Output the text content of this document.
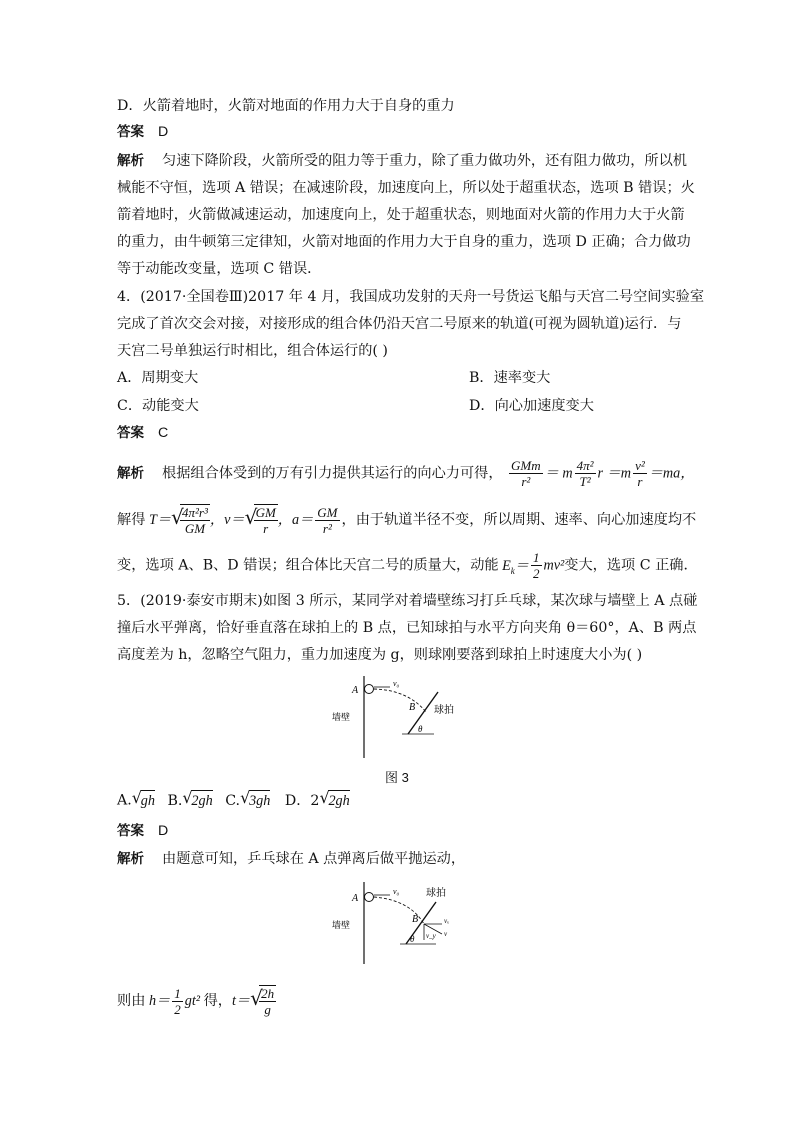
D．火箭着地时，火箭对地面的作用力大于自身的重力
答案 D
解析 匀速下降阶段，火箭所受的阻力等于重力，除了重力做功外，还有阻力做功，所以机
械能不守恒，选项 A 错误；在减速阶段，加速度向上，所以处于超重状态，选项 B 错误；火
箭着地时，火箭做减速运动，加速度向上，处于超重状态，则地面对火箭的作用力大于火箭
的重力，由牛顿第三定律知，火箭对地面的作用力大于自身的重力，选项 D 正确；合力做功
等于动能改变量，选项 C 错误．
4．(2017·全国卷Ⅲ)2017 年 4 月，我国成功发射的天舟一号货运飞船与天宫二号空间实验室
完成了首次交会对接，对接形成的组合体仍沿天宫二号原来的轨道(可视为圆轨道)运行．与
天宫二号单独运行时相比，组合体运行的( )
A．周期变大	B．速率变大
C．动能变大	D．向心加速度变大
答案 C
解析 根据组合体受到的万有引力提供其运行的向心力可得， $\frac{\text{GMm}}{\text{r²}} = m \frac{\text{4π²}}{\text{T²}}$ $r =m \frac{\text{v²}}{r} =ma$，
解得 T＝ √
$\frac{\text{4π²r³}}{GM}$ ，v＝ √
$\frac{GM}{r}$ ，$a= \frac{GM}{\text{r²}}$ ，由于轨道半径不变，所以周期、速率、向心加速度均不
变，选项 A、B、D 错误；组合体比天宫二号的质量大，动能 $E_k= \frac{1}{2} mv^2$变大，选项 C 正确．
5．(2019·泰安市期末)如图 3 所示，某同学对着墙壁练习打乒乓球，某次球与墙壁上 A 点碰
撞后水平弹离，恰好垂直落在球拍上的 B 点，已知球拍与水平方向夹角 θ＝60°，A、B 两点
高度差为 h，忽略空气阻力，重力加速度为 g，则球刚要落到球拍上时速度大小为( )
A
v₀
B 球拍
墙壁
θ
图 3
A. √
gh B. √
2gh C. √
3gh D．2 √
2gh
答案 D
解析 由题意可知，乒乓球在 A 点弹离后做平抛运动，
A
v₀
B
球拍
墙壁
θ
vₓ
v_y v
则由 $h= \frac{1}{2} gt^2$ 得，t＝ √
$\frac{2h}{g}$
